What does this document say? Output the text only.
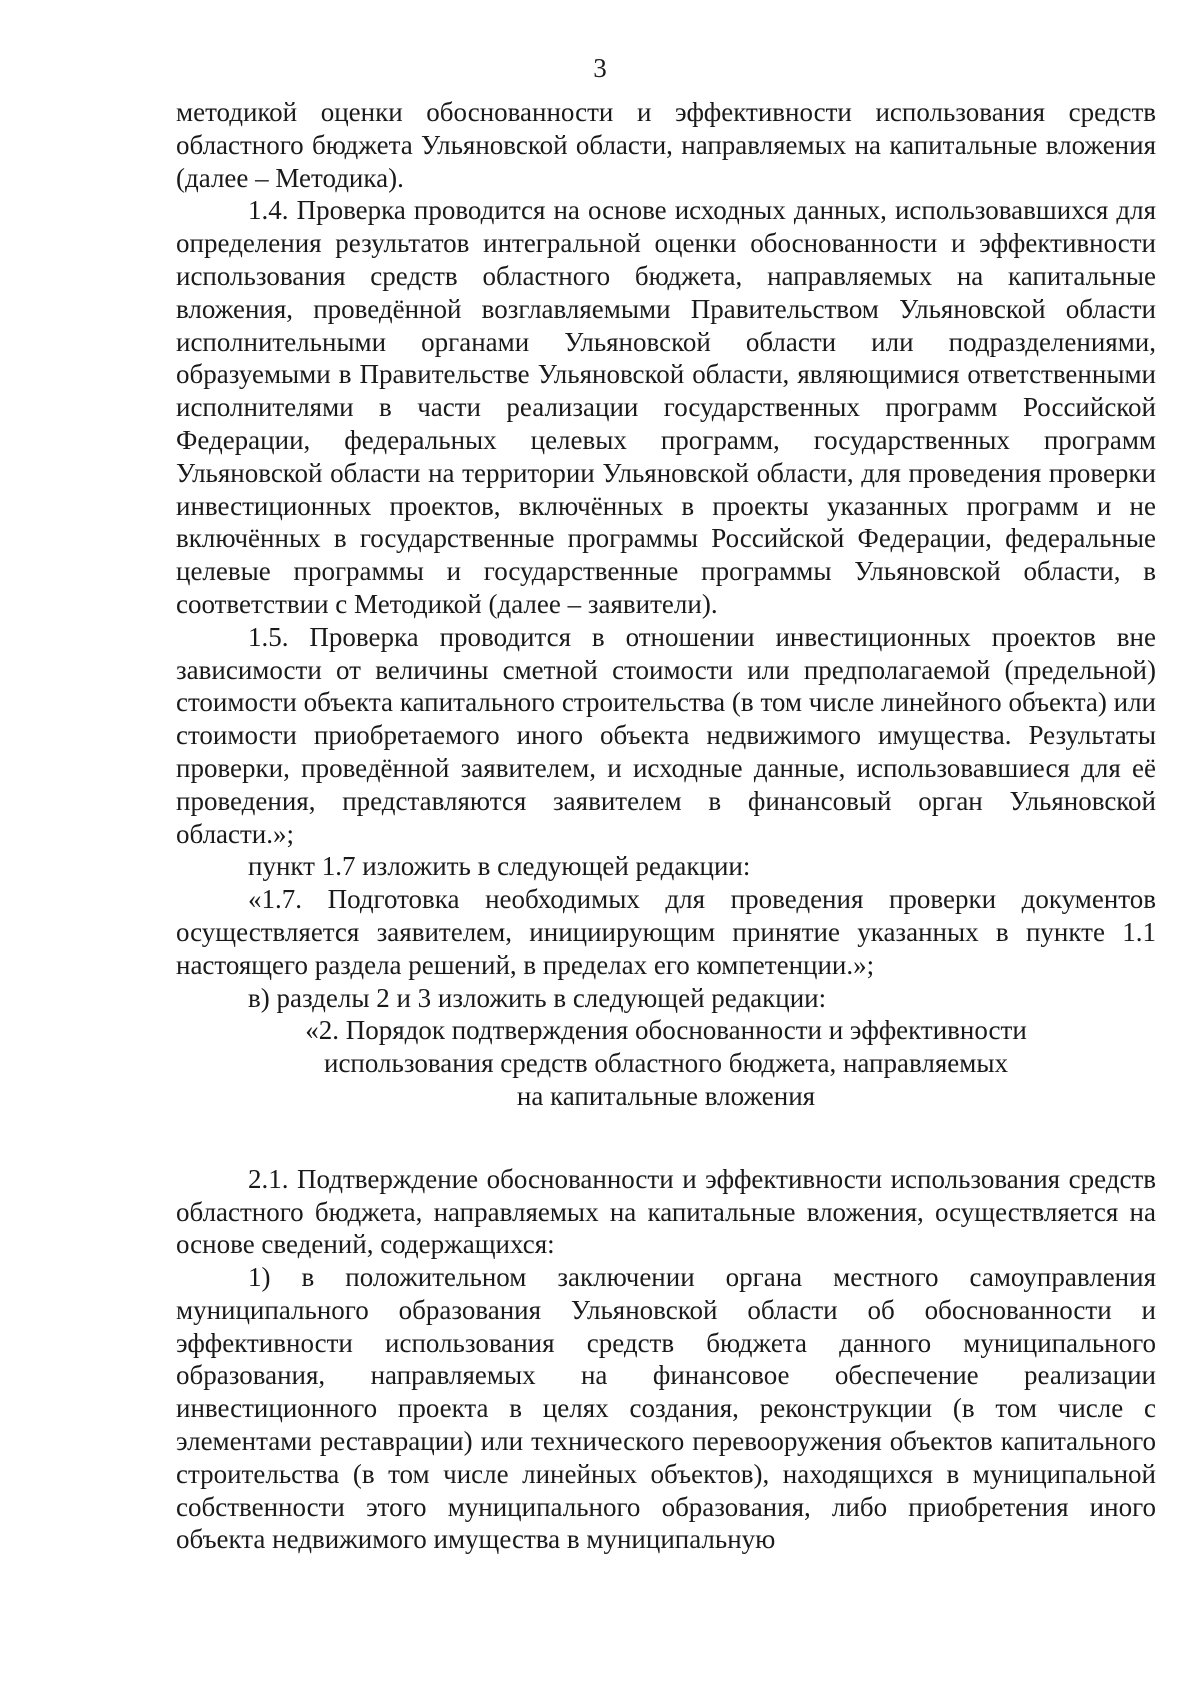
3

методикой оценки обоснованности и эффективности использования средств областного бюджета Ульяновской области, направляемых на капитальные вложения (далее – Методика).

1.4. Проверка проводится на основе исходных данных, использовавшихся для определения результатов интегральной оценки обоснованности и эффективности использования средств областного бюджета, направляемых на капитальные вложения, проведённой возглавляемыми Правительством Ульяновской области исполнительными органами Ульяновской области или подразделениями, образуемыми в Правительстве Ульяновской области, являющимися ответственными исполнителями в части реализации государственных программ Российской Федерации, федеральных целевых программ, государственных программ Ульяновской области на территории Ульяновской области, для проведения проверки инвестиционных проектов, включённых в проекты указанных программ и не включённых в государственные программы Российской Федерации, федеральные целевые программы и государственные программы Ульяновской области, в соответствии с Методикой (далее – заявители).

1.5. Проверка проводится в отношении инвестиционных проектов вне зависимости от величины сметной стоимости или предполагаемой (предельной) стоимости объекта капитального строительства (в том числе линейного объекта) или стоимости приобретаемого иного объекта недвижимого имущества. Результаты проверки, проведённой заявителем, и исходные данные, использовавшиеся для её проведения, представляются заявителем в финансовый орган Ульяновской области.»;

пункт 1.7 изложить в следующей редакции:

«1.7. Подготовка необходимых для проведения проверки документов осуществляется заявителем, инициирующим принятие указанных в пункте 1.1 настоящего раздела решений, в пределах его компетенции.»;

в) разделы 2 и 3 изложить в следующей редакции:

«2. Порядок подтверждения обоснованности и эффективности

использования средств областного бюджета, направляемых

на капитальные вложения

2.1. Подтверждение обоснованности и эффективности использования средств областного бюджета, направляемых на капитальные вложения, осуществляется на основе сведений, содержащихся:

1) в положительном заключении органа местного самоуправления муниципального образования Ульяновской области об обоснованности и эффективности использования средств бюджета данного муниципального образования, направляемых на финансовое обеспечение реализации инвестиционного проекта в целях создания, реконструкции (в том числе с элементами реставрации) или технического перевооружения объектов капитального строительства (в том числе линейных объектов), находящихся в муниципальной собственности этого муниципального образования, либо приобретения иного объекта недвижимого имущества в муниципальную
